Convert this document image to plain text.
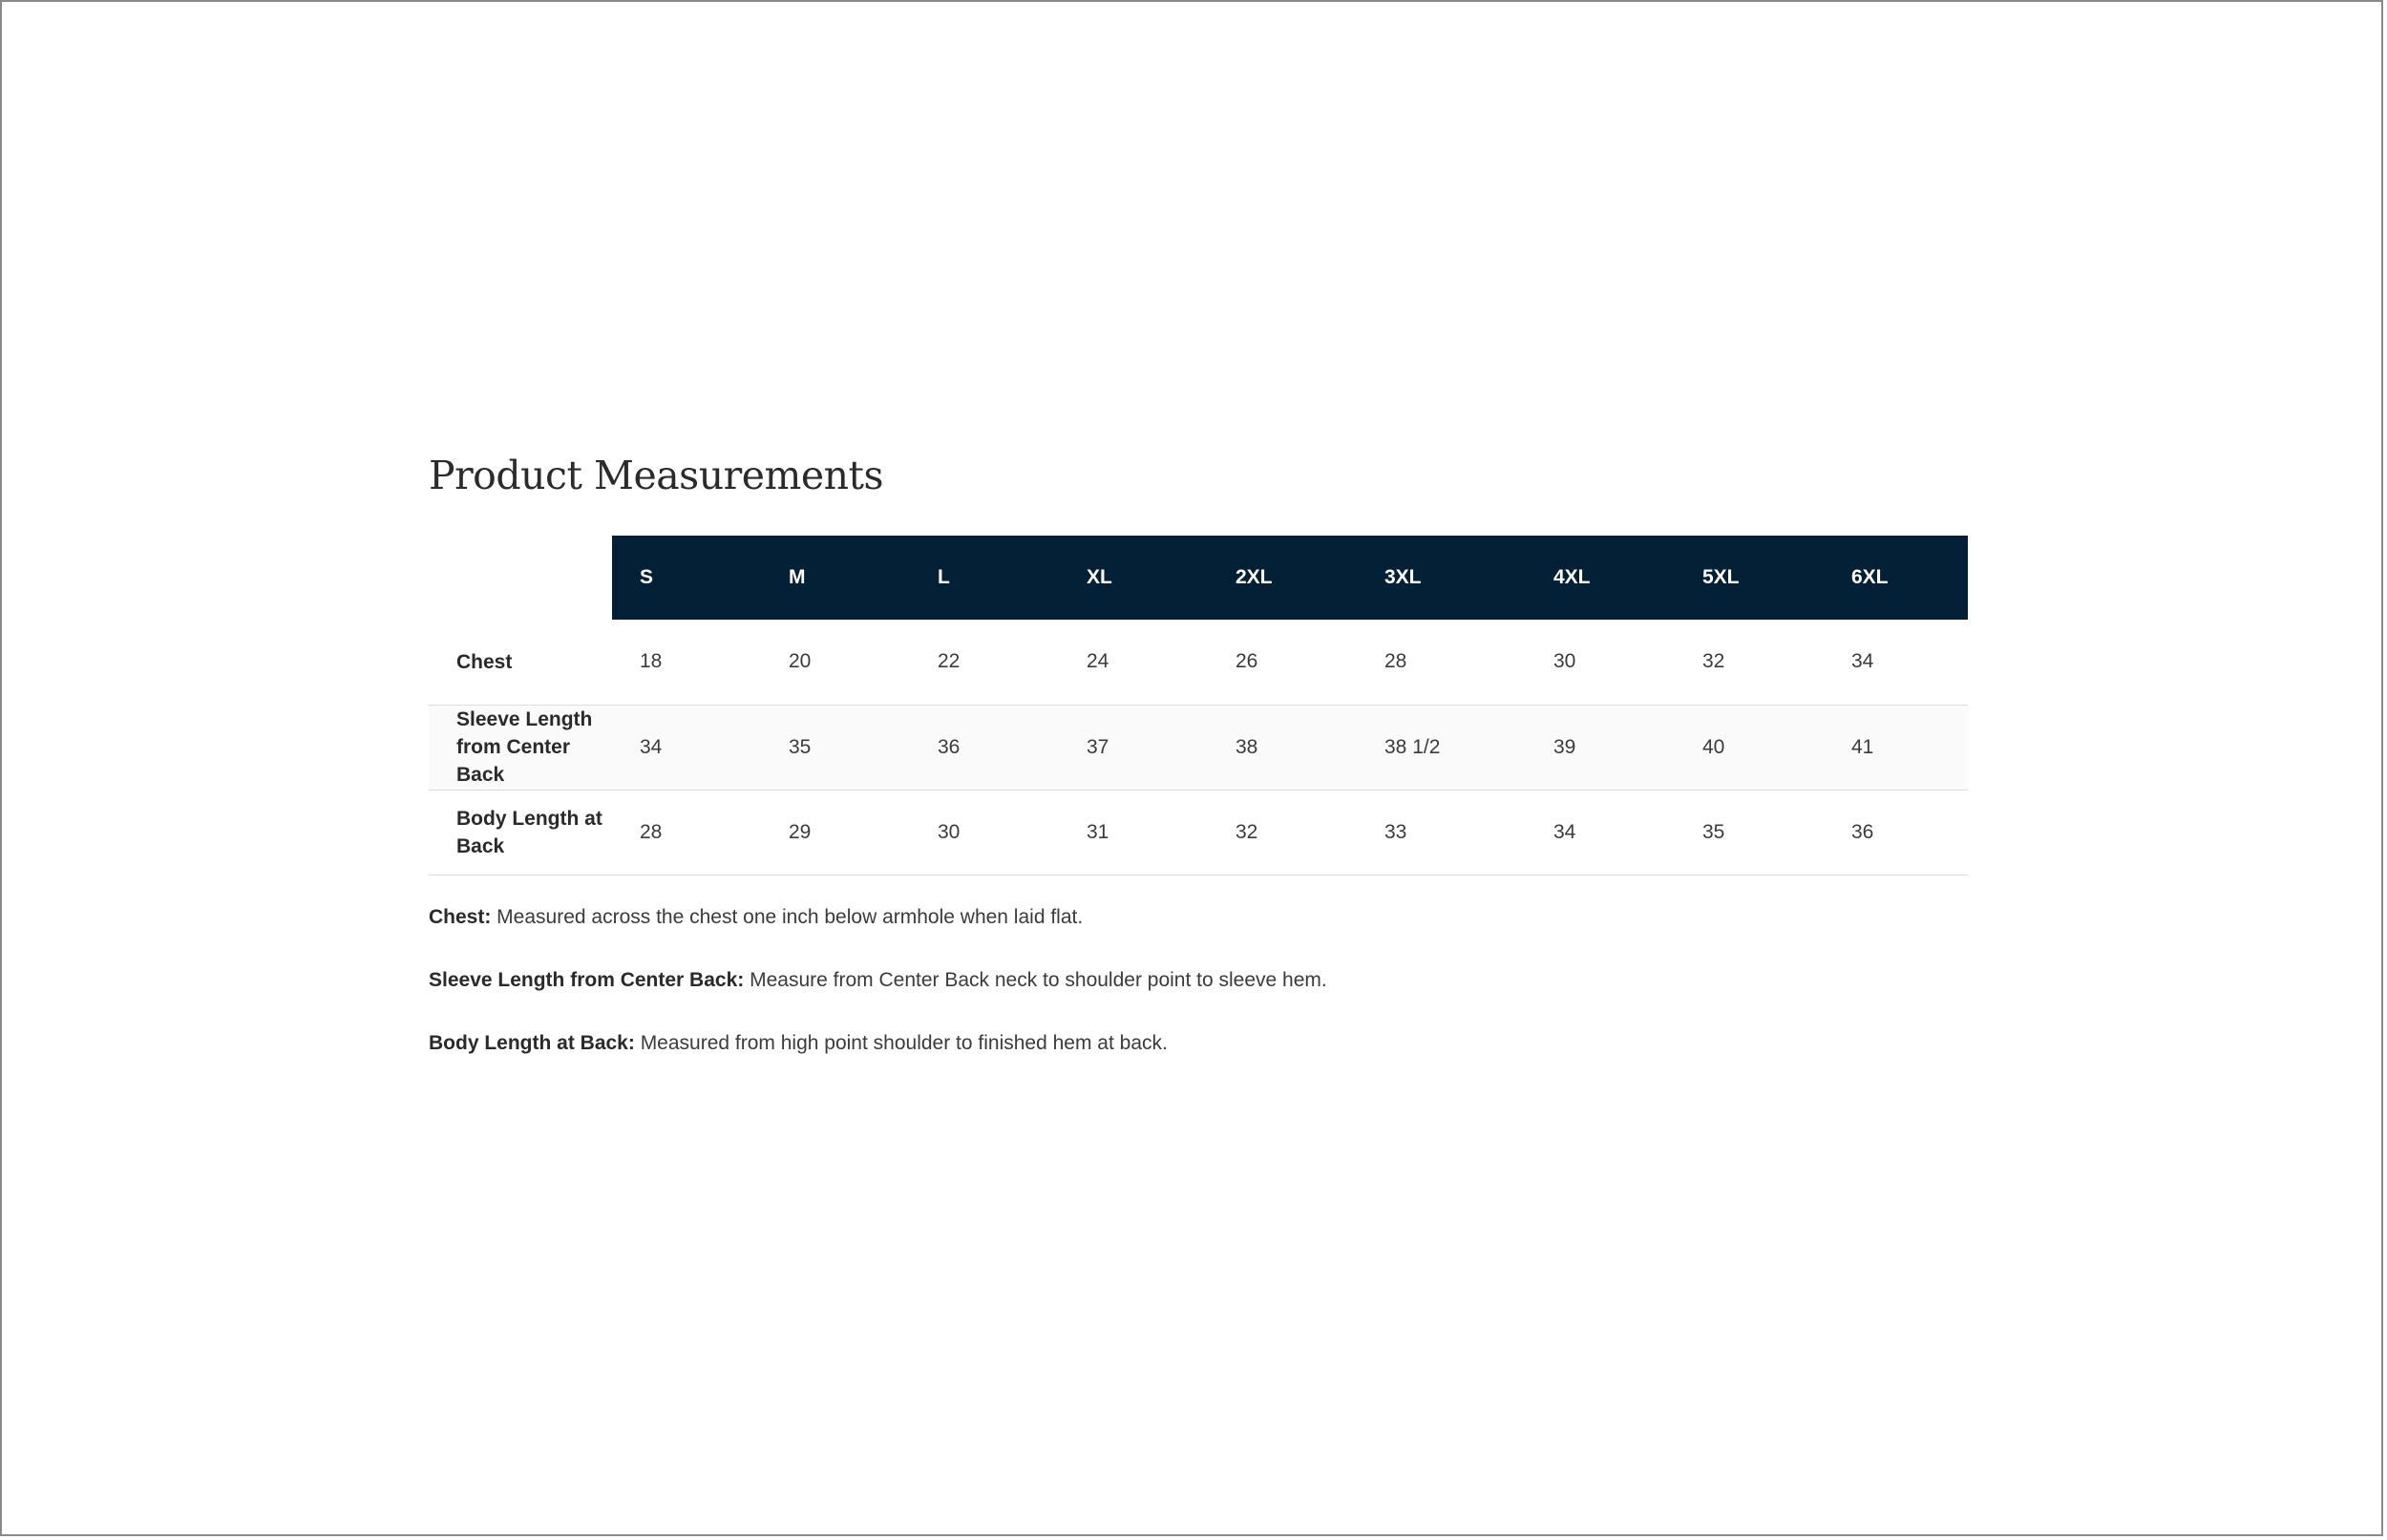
Product Measurements
	S	M	L	XL	2XL	3XL	4XL	5XL	6XL
Chest	18	20	22	24	26	28	30	32	34
Sleeve Length from Center Back	34	35	36	37	38	38 1/2	39	40	41
Body Length at Back	28	29	30	31	32	33	34	35	36
Chest: Measured across the chest one inch below armhole when laid flat.
Sleeve Length from Center Back: Measure from Center Back neck to shoulder point to sleeve hem.
Body Length at Back: Measured from high point shoulder to finished hem at back.
